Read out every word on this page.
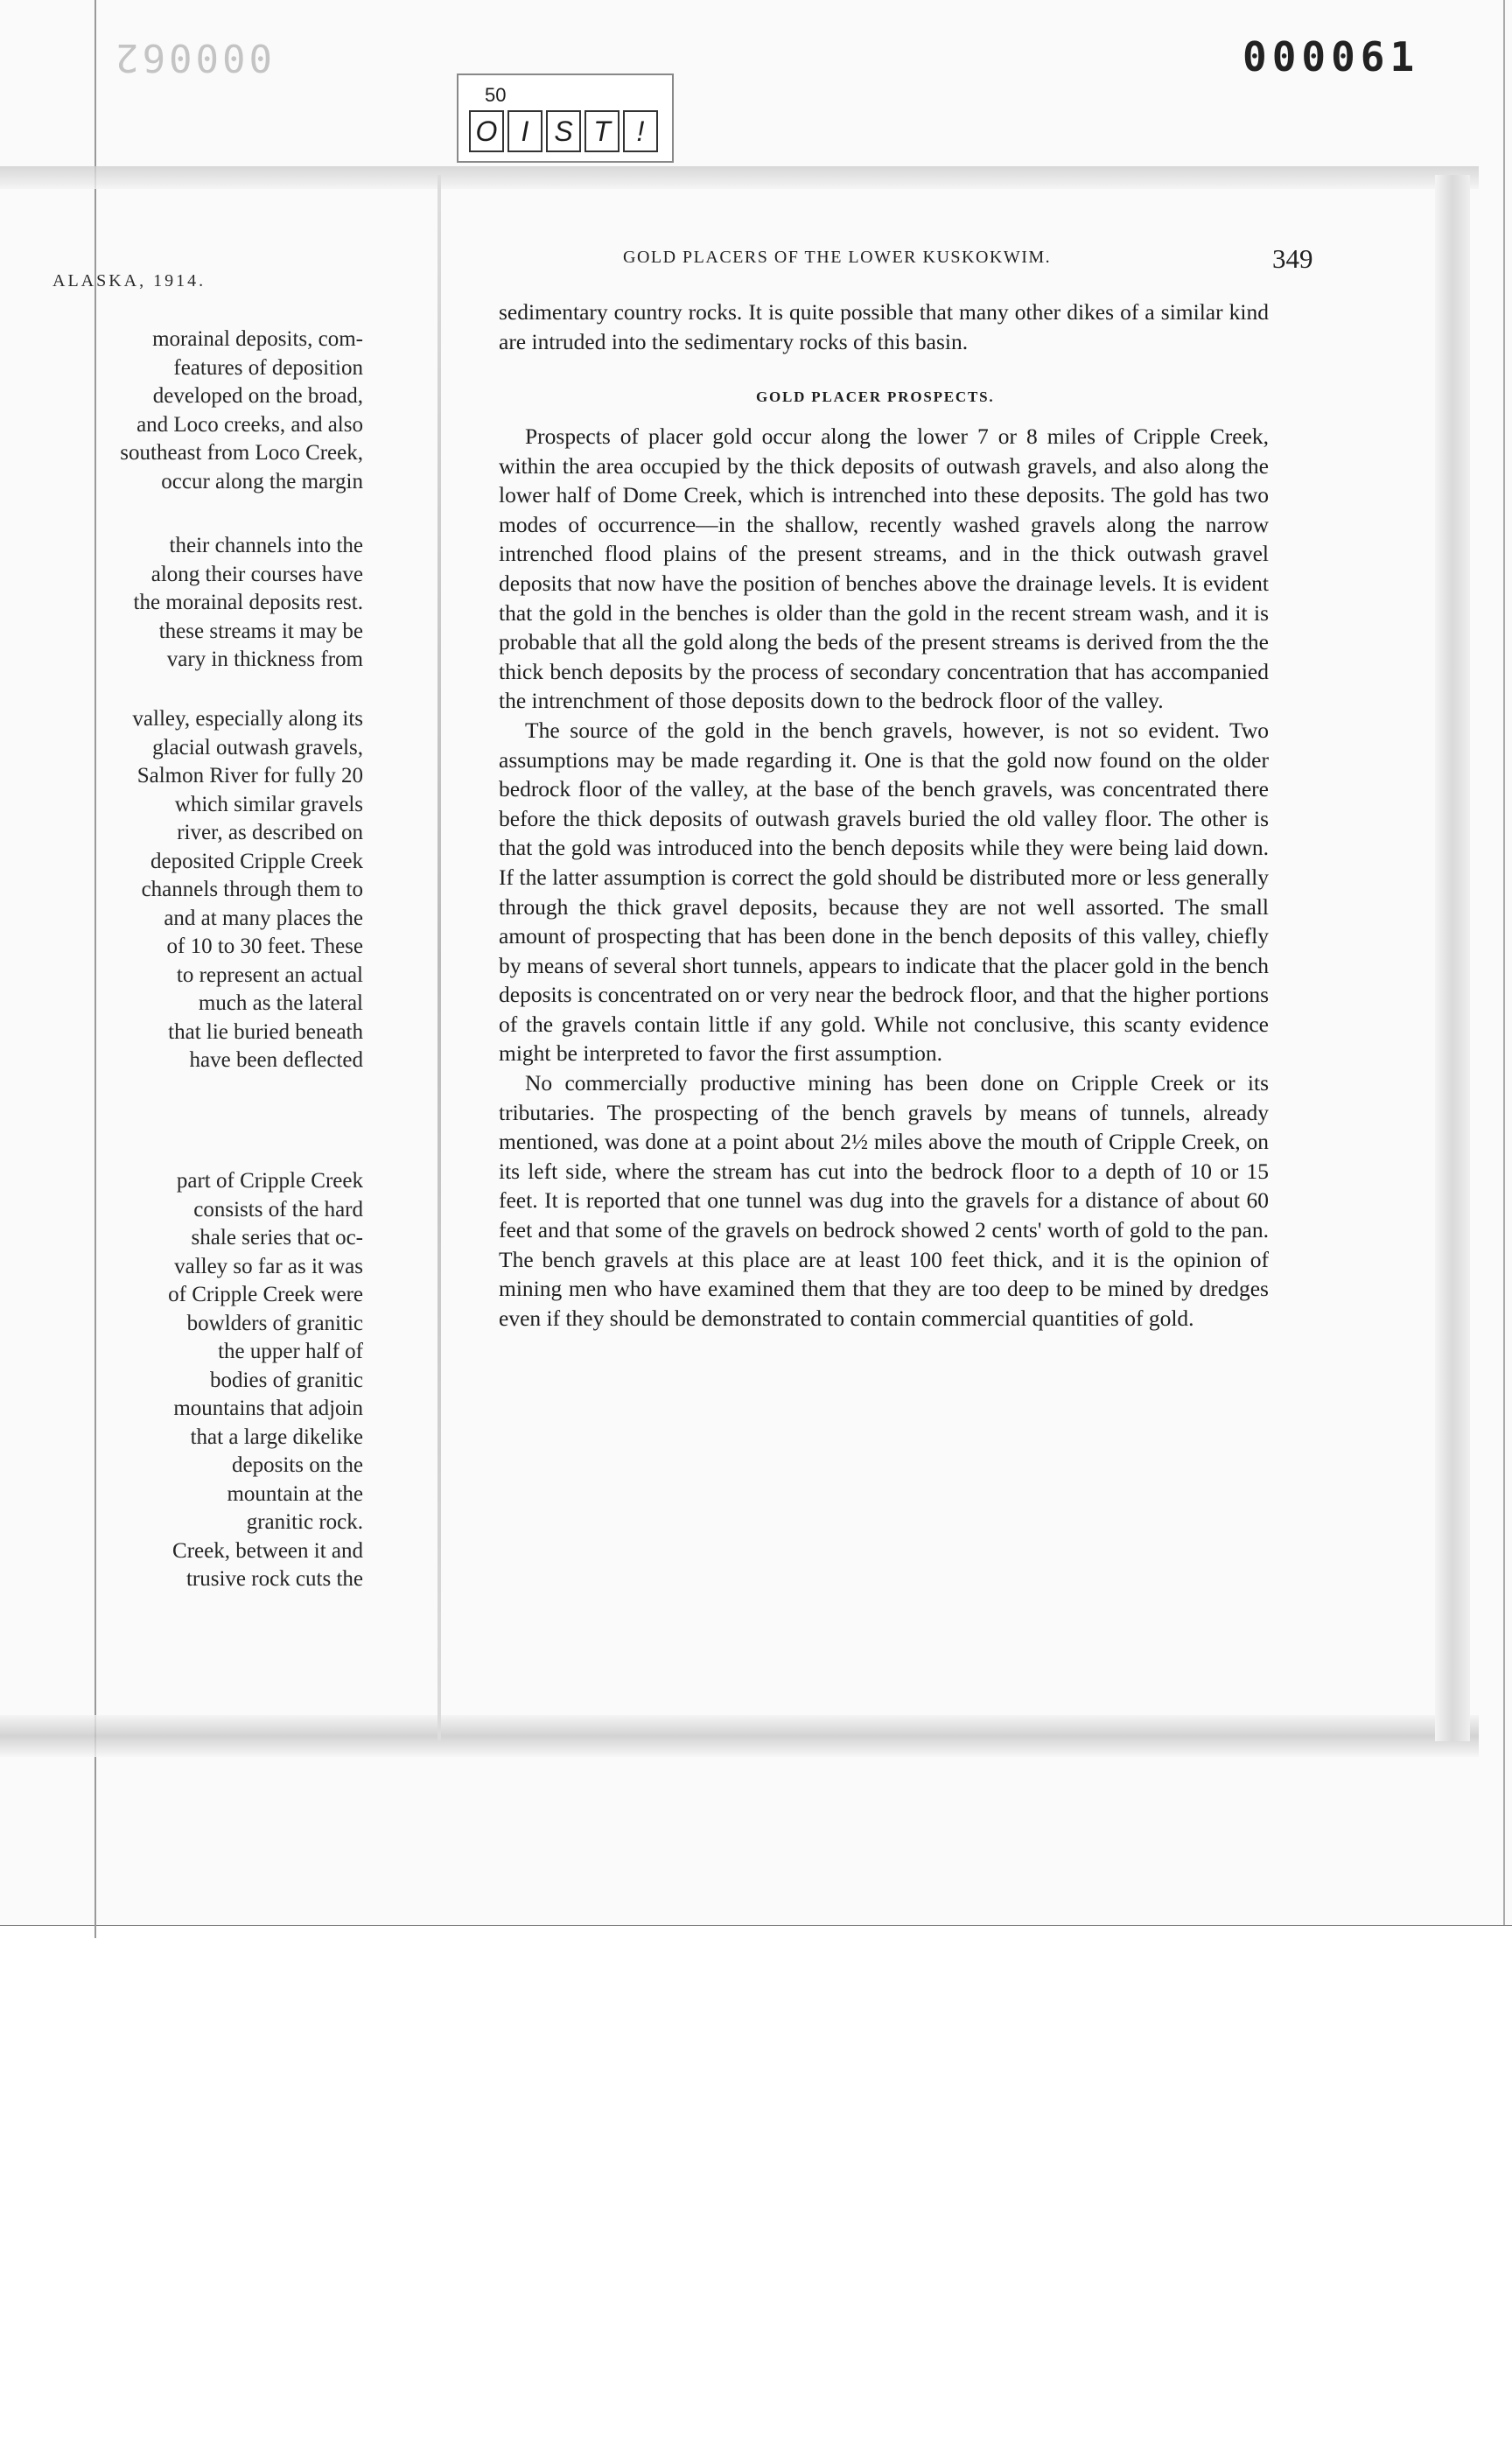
000062	000061
50
O I S T !
ALASKA, 1914.
morainal deposits, com-
features of deposition
developed on the broad,
and Loco creeks, and also
southeast from Loco Creek,
occur along the margin
their channels into the
along their courses have
the morainal deposits rest.
these streams it may be
vary in thickness from
valley, especially along its
glacial outwash gravels,
Salmon River for fully 20
which similar gravels
river, as described on
deposited Cripple Creek
channels through them to
and at many places the
of 10 to 30 feet. These
to represent an actual
much as the lateral
that lie buried beneath
have been deflected
part of Cripple Creek
consists of the hard
shale series that oc-
valley so far as it was
of Cripple Creek were
bowlders of granitic
the upper half of
bodies of granitic
mountains that adjoin
that a large dikelike
deposits on the
mountain at the
granitic rock.
Creek, between it and
trusive rock cuts the
GOLD PLACERS OF THE LOWER KUSKOKWIM.	349
sedimentary country rocks. It is quite possible that many other dikes of a similar kind are intruded into the sedimentary rocks of this basin.
GOLD PLACER PROSPECTS.

Prospects of placer gold occur along the lower 7 or 8 miles of Cripple Creek, within the area occupied by the thick deposits of outwash gravels, and also along the lower half of Dome Creek, which is intrenched into these deposits. The gold has two modes of occurrence—in the shallow, recently washed gravels along the narrow intrenched flood plains of the present streams, and in the thick outwash gravel deposits that now have the position of benches above the drainage levels. It is evident that the gold in the benches is older than the gold in the recent stream wash, and it is probable that all the gold along the beds of the present streams is derived from the the thick bench deposits by the process of secondary concentration that has accompanied the intrenchment of those deposits down to the bedrock floor of the valley.

The source of the gold in the bench gravels, however, is not so evident. Two assumptions may be made regarding it. One is that the gold now found on the older bedrock floor of the valley, at the base of the bench gravels, was concentrated there before the thick deposits of outwash gravels buried the old valley floor. The other is that the gold was introduced into the bench deposits while they were being laid down. If the latter assumption is correct the gold should be distributed more or less generally through the thick gravel deposits, because they are not well assorted. The small amount of prospecting that has been done in the bench deposits of this valley, chiefly by means of several short tunnels, appears to indicate that the placer gold in the bench deposits is concentrated on or very near the bedrock floor, and that the higher portions of the gravels contain little if any gold. While not conclusive, this scanty evidence might be interpreted to favor the first assumption.

No commercially productive mining has been done on Cripple Creek or its tributaries. The prospecting of the bench gravels by means of tunnels, already mentioned, was done at a point about 2½ miles above the mouth of Cripple Creek, on its left side, where the stream has cut into the bedrock floor to a depth of 10 or 15 feet. It is reported that one tunnel was dug into the gravels for a distance of about 60 feet and that some of the gravels on bedrock showed 2 cents' worth of gold to the pan. The bench gravels at this place are at least 100 feet thick, and it is the opinion of mining men who have examined them that they are too deep to be mined by dredges even if they should be demonstrated to contain commercial quantities of gold.
